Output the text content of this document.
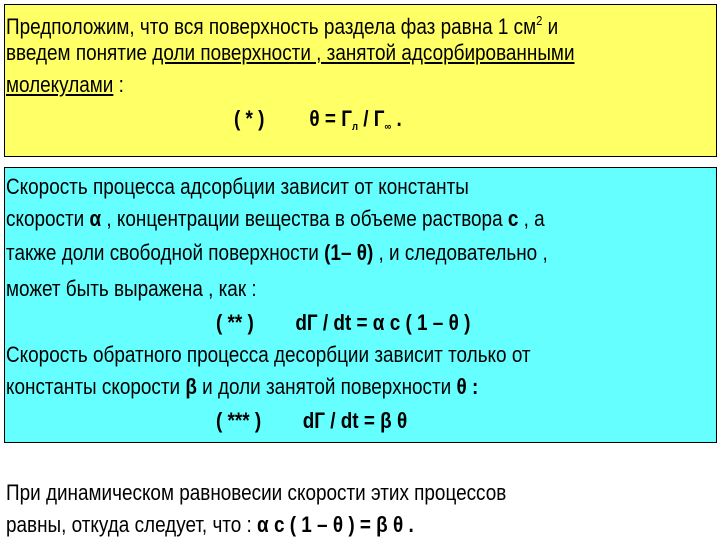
Предположим, что вся поверхность раздела фаз равна 1 $см^2$ и
введем понятие доли поверхности , занятой адсорбированными
молекулами :
( * ) $\theta = Г_л / Г_\infty$ .
Скорость процесса адсорбции зависит от константы
скорости α , концентрации вещества в объеме раствора с , а
также доли свободной поверхности (1– θ) , и следовательно ,
может быть выражена , как :
( ** ) dГ / dt = α с ( 1 – θ )
Скорость обратного процесса десорбции зависит только от
константы скорости β и доли занятой поверхности θ :
( *** ) dГ / dt = β θ
При динамическом равновесии скорости этих процессов
равны, откуда следует, что : α с ( 1 – θ ) = β θ .
